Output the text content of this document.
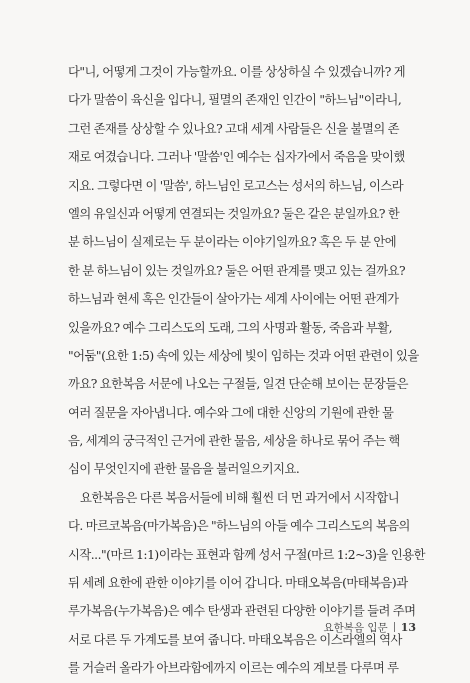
다"니, 어떻게 그것이 가능할까요. 이를 상상하실 수 있겠습니까? 게
다가 말씀이 육신을 입다니, 필멸의 존재인 인간이 "하느님"이라니,
그런 존재를 상상할 수 있나요? 고대 세계 사람들은 신을 불멸의 존
재로 여겼습니다. 그러나 '말씀'인 예수는 십자가에서 죽음을 맞이했
지요. 그렇다면 이 '말씀', 하느님인 로고스는 성서의 하느님, 이스라
엘의 유일신과 어떻게 연결되는 것일까요? 둘은 같은 분일까요? 한
분 하느님이 실제로는 두 분이라는 이야기일까요? 혹은 두 분 안에
한 분 하느님이 있는 것일까요? 둘은 어떤 관계를 맺고 있는 걸까요?
하느님과 현세 혹은 인간들이 살아가는 세계 사이에는 어떤 관계가
있을까요? 예수 그리스도의 도래, 그의 사명과 활동, 죽음과 부활,
"어둠"(요한 1:5) 속에 있는 세상에 빛이 임하는 것과 어떤 관련이 있을
까요? 요한복음 서문에 나오는 구절들, 일견 단순해 보이는 문장들은
여러 질문을 자아냅니다. 예수와 그에 대한 신앙의 기원에 관한 물
음, 세계의 궁극적인 근거에 관한 물음, 세상을 하나로 묶어 주는 핵
심이 무엇인지에 관한 물음을 불러일으키지요.
요한복음은 다른 복음서들에 비해 훨씬 더 먼 과거에서 시작합니
다. 마르코복음(마가복음)은 "하느님의 아들 예수 그리스도의 복음의
시작..."(마르 1:1)이라는 표현과 함께 성서 구절(마르 1:2~3)을 인용한
뒤 세례 요한에 관한 이야기를 이어 갑니다. 마태오복음(마태복음)과
루가복음(누가복음)은 예수 탄생과 관련된 다양한 이야기를 들려 주며
서로 다른 두 가계도를 보여 줍니다. 마태오복음은 이스라엘의 역사
를 거슬러 올라가 아브라함에까지 이르는 예수의 계보를 다루며 루
요한복음 입문 13
